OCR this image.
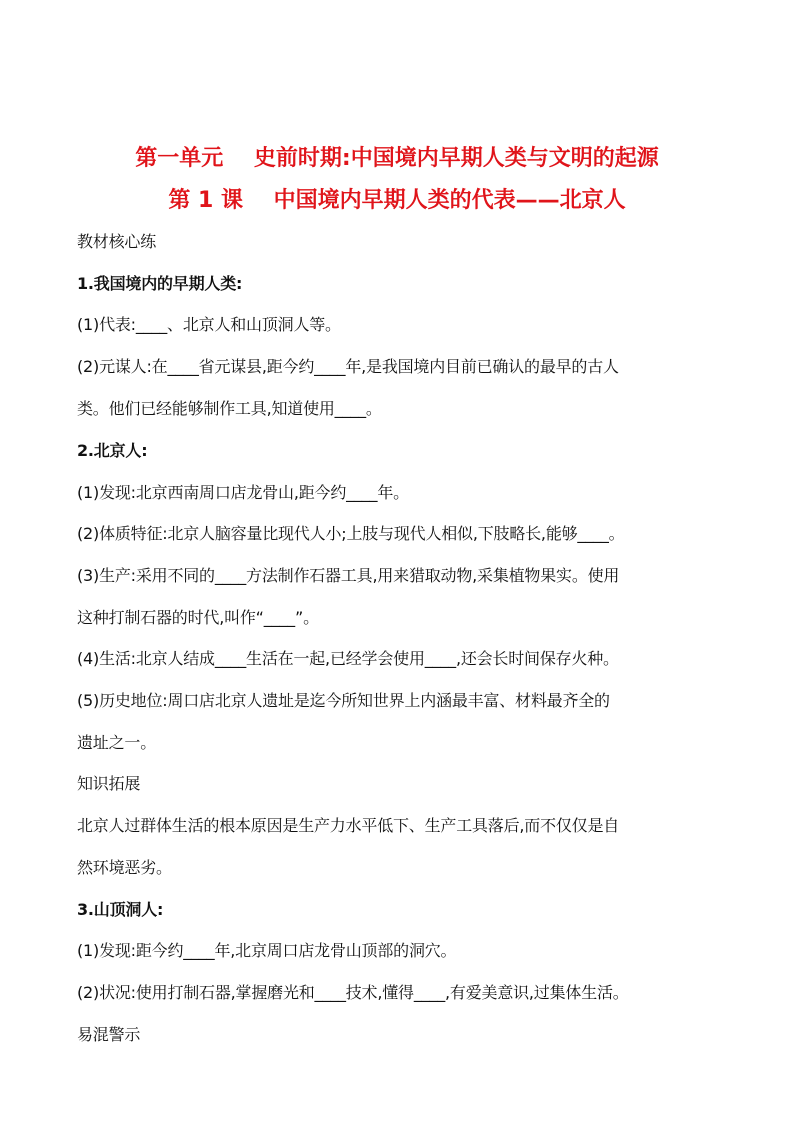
第一单元    史前时期:中国境内早期人类与文明的起源
第 1 课    中国境内早期人类的代表——北京人
教材核心练
1.我国境内的早期人类:
(1)代表:____、北京人和山顶洞人等。
(2)元谋人:在____省元谋县,距今约____年,是我国境内目前已确认的最早的古人
类。他们已经能够制作工具,知道使用____。
2.北京人:
(1)发现:北京西南周口店龙骨山,距今约____年。
(2)体质特征:北京人脑容量比现代人小;上肢与现代人相似,下肢略长,能够____。
(3)生产:采用不同的____方法制作石器工具,用来猎取动物,采集植物果实。使用
这种打制石器的时代,叫作“____”。
(4)生活:北京人结成____生活在一起,已经学会使用____,还会长时间保存火种。
(5)历史地位:周口店北京人遗址是迄今所知世界上内涵最丰富、材料最齐全的
遗址之一。
知识拓展
北京人过群体生活的根本原因是生产力水平低下、生产工具落后,而不仅仅是自
然环境恶劣。
3.山顶洞人:
(1)发现:距今约____年,北京周口店龙骨山顶部的洞穴。
(2)状况:使用打制石器,掌握磨光和____技术,懂得____,有爱美意识,过集体生活。
易混警示
